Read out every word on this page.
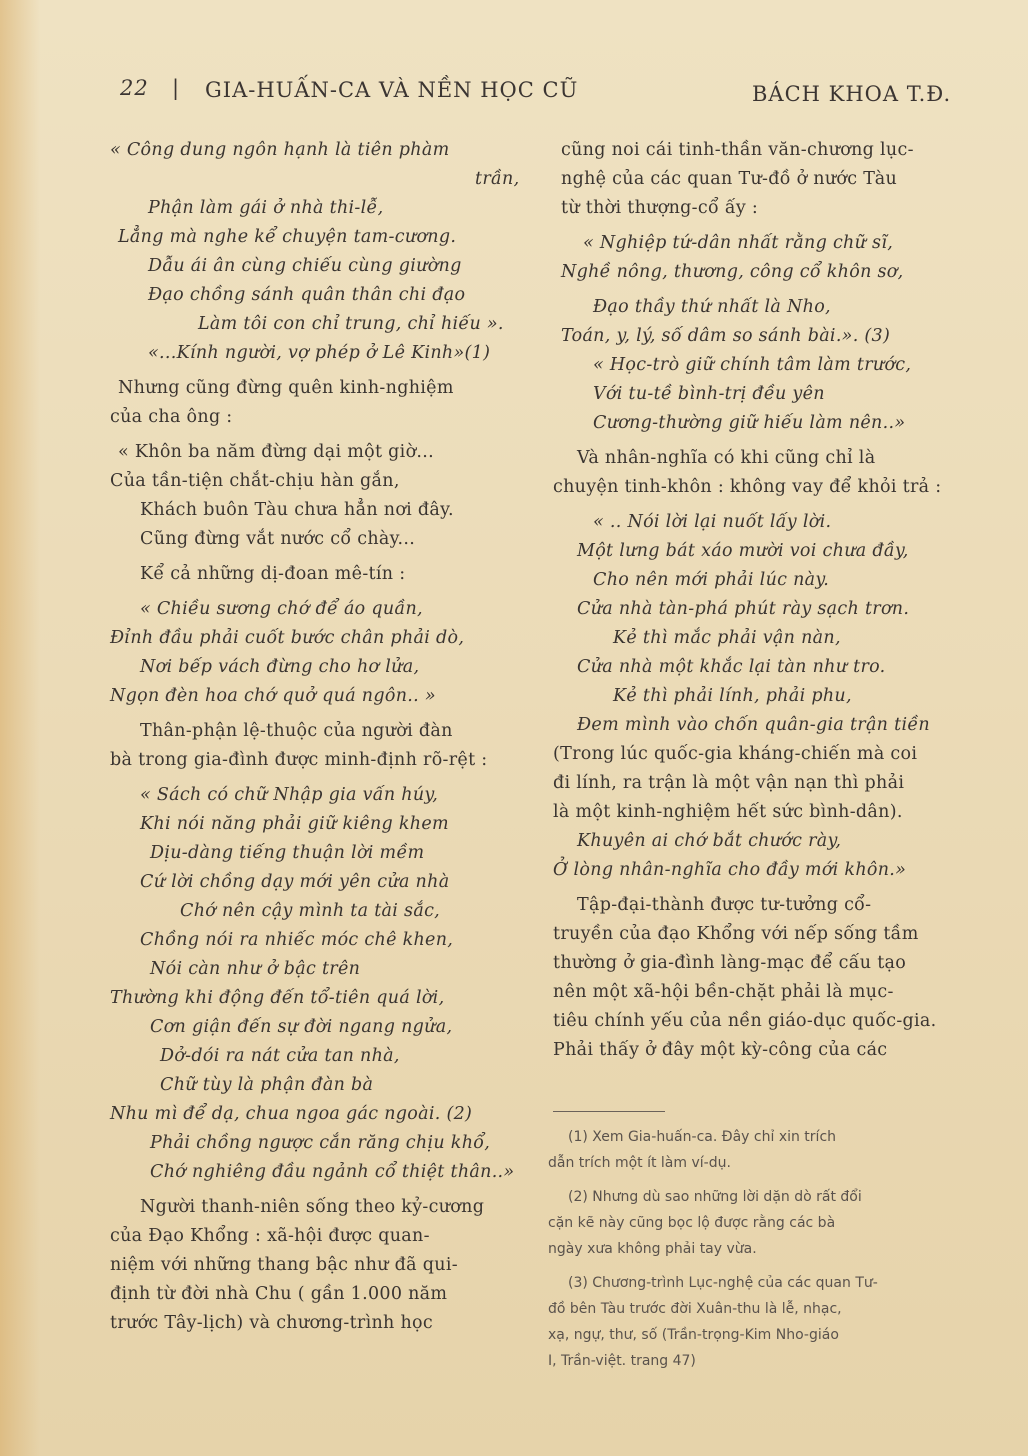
22 | GIA-HUẤN-CA VÀ NỀN HỌC CŨ	BÁCH KHOA T.Đ.
« Công dung ngôn hạnh là tiên phàm
trần,
Phận làm gái ở nhà thi-lễ,
Lẳng mà nghe kể chuyện tam-cương.
Dẫu ái ân cùng chiếu cùng giường
Đạo chồng sánh quân thân chi đạo
Làm tôi con chỉ trung, chỉ hiếu ».
«...Kính người, vợ phép ở Lê Kinh»(1)
Nhưng cũng đừng quên kinh-nghiệm
của cha ông :
« Khôn ba năm đừng dại một giờ...
Của tần-tiện chắt-chịu hàn gắn,
Khách buôn Tàu chưa hẳn nơi đây.
Cũng đừng vắt nước cổ chày...
Kể cả những dị-đoan mê-tín :
« Chiều sương chớ để áo quần,
Đỉnh đầu phải cuốt bước chân phải dò,
Nơi bếp vách đừng cho hơ lửa,
Ngọn đèn hoa chớ quở quá ngôn.. »
Thân-phận lệ-thuộc của người đàn
bà trong gia-đình được minh-định rõ-rệt :
« Sách có chữ Nhập gia vấn húy,
Khi nói năng phải giữ kiêng khem
Dịu-dàng tiếng thuận lời mềm
Cứ lời chồng dạy mới yên cửa nhà
Chớ nên cậy mình ta tài sắc,
Chồng nói ra nhiếc móc chê khen,
Nói càn như ở bậc trên
Thường khi động đến tổ-tiên quá lời,
Cơn giận đến sự đời ngang ngửa,
Dở-dói ra nát cửa tan nhà,
Chữ tùy là phận đàn bà
Nhu mì để dạ, chua ngoa gác ngoài. (2)
Phải chồng ngược cắn răng chịu khổ,
Chớ nghiêng đầu ngảnh cổ thiệt thân..»
Người thanh-niên sống theo kỷ-cương
của Đạo Khổng : xã-hội được quan-
niệm với những thang bậc như đã qui-
định từ đời nhà Chu ( gần 1.000 năm
trước Tây-lịch) và chương-trình học
cũng noi cái tinh-thần văn-chương lục-
nghệ của các quan Tư-đồ ở nước Tàu
từ thời thượng-cổ ấy :
« Nghiệp tứ-dân nhất rằng chữ sĩ,
Nghề nông, thương, công cổ khôn sơ,
Đạo thầy thứ nhất là Nho,
Toán, y, lý, số dâm so sánh bài.». (3)
« Học-trò giữ chính tâm làm trước,
Với tu-tề bình-trị đều yên
Cương-thường giữ hiếu làm nên..»
Và nhân-nghĩa có khi cũng chỉ là
chuyện tinh-khôn : không vay để khỏi trả :
« .. Nói lời lại nuốt lấy lời.
Một lưng bát xáo mười voi chưa đầy,
Cho nên mới phải lúc này.
Cửa nhà tàn-phá phút rày sạch trơn.
Kẻ thì mắc phải vận nàn,
Cửa nhà một khắc lại tàn như tro.
Kẻ thì phải lính, phải phu,
Đem mình vào chốn quân-gia trận tiền
(Trong lúc quốc-gia kháng-chiến mà coi
đi lính, ra trận là một vận nạn thì phải
là một kinh-nghiệm hết sức bình-dân).
Khuyên ai chớ bắt chước rày,
Ở lòng nhân-nghĩa cho đầy mới khôn.»
Tập-đại-thành được tư-tưởng cổ-
truyền của đạo Khổng với nếp sống tầm
thường ở gia-đình làng-mạc để cấu tạo
nên một xã-hội bền-chặt phải là mục-
tiêu chính yếu của nền giáo-dục quốc-gia.
Phải thấy ở đây một kỳ-công của các
(1) Xem Gia-huấn-ca. Đây chỉ xin trích
dẫn trích một ít làm ví-dụ.
(2) Nhưng dù sao những lời dặn dò rất đổi
cặn kẽ này cũng bọc lộ được rằng các bà
ngày xưa không phải tay vừa.
(3) Chương-trình Lục-nghệ của các quan Tư-
đồ bên Tàu trước đời Xuân-thu là lễ, nhạc,
xạ, ngự, thư, số (Trần-trọng-Kim Nho-giáo
I, Trần-việt. trang 47)
